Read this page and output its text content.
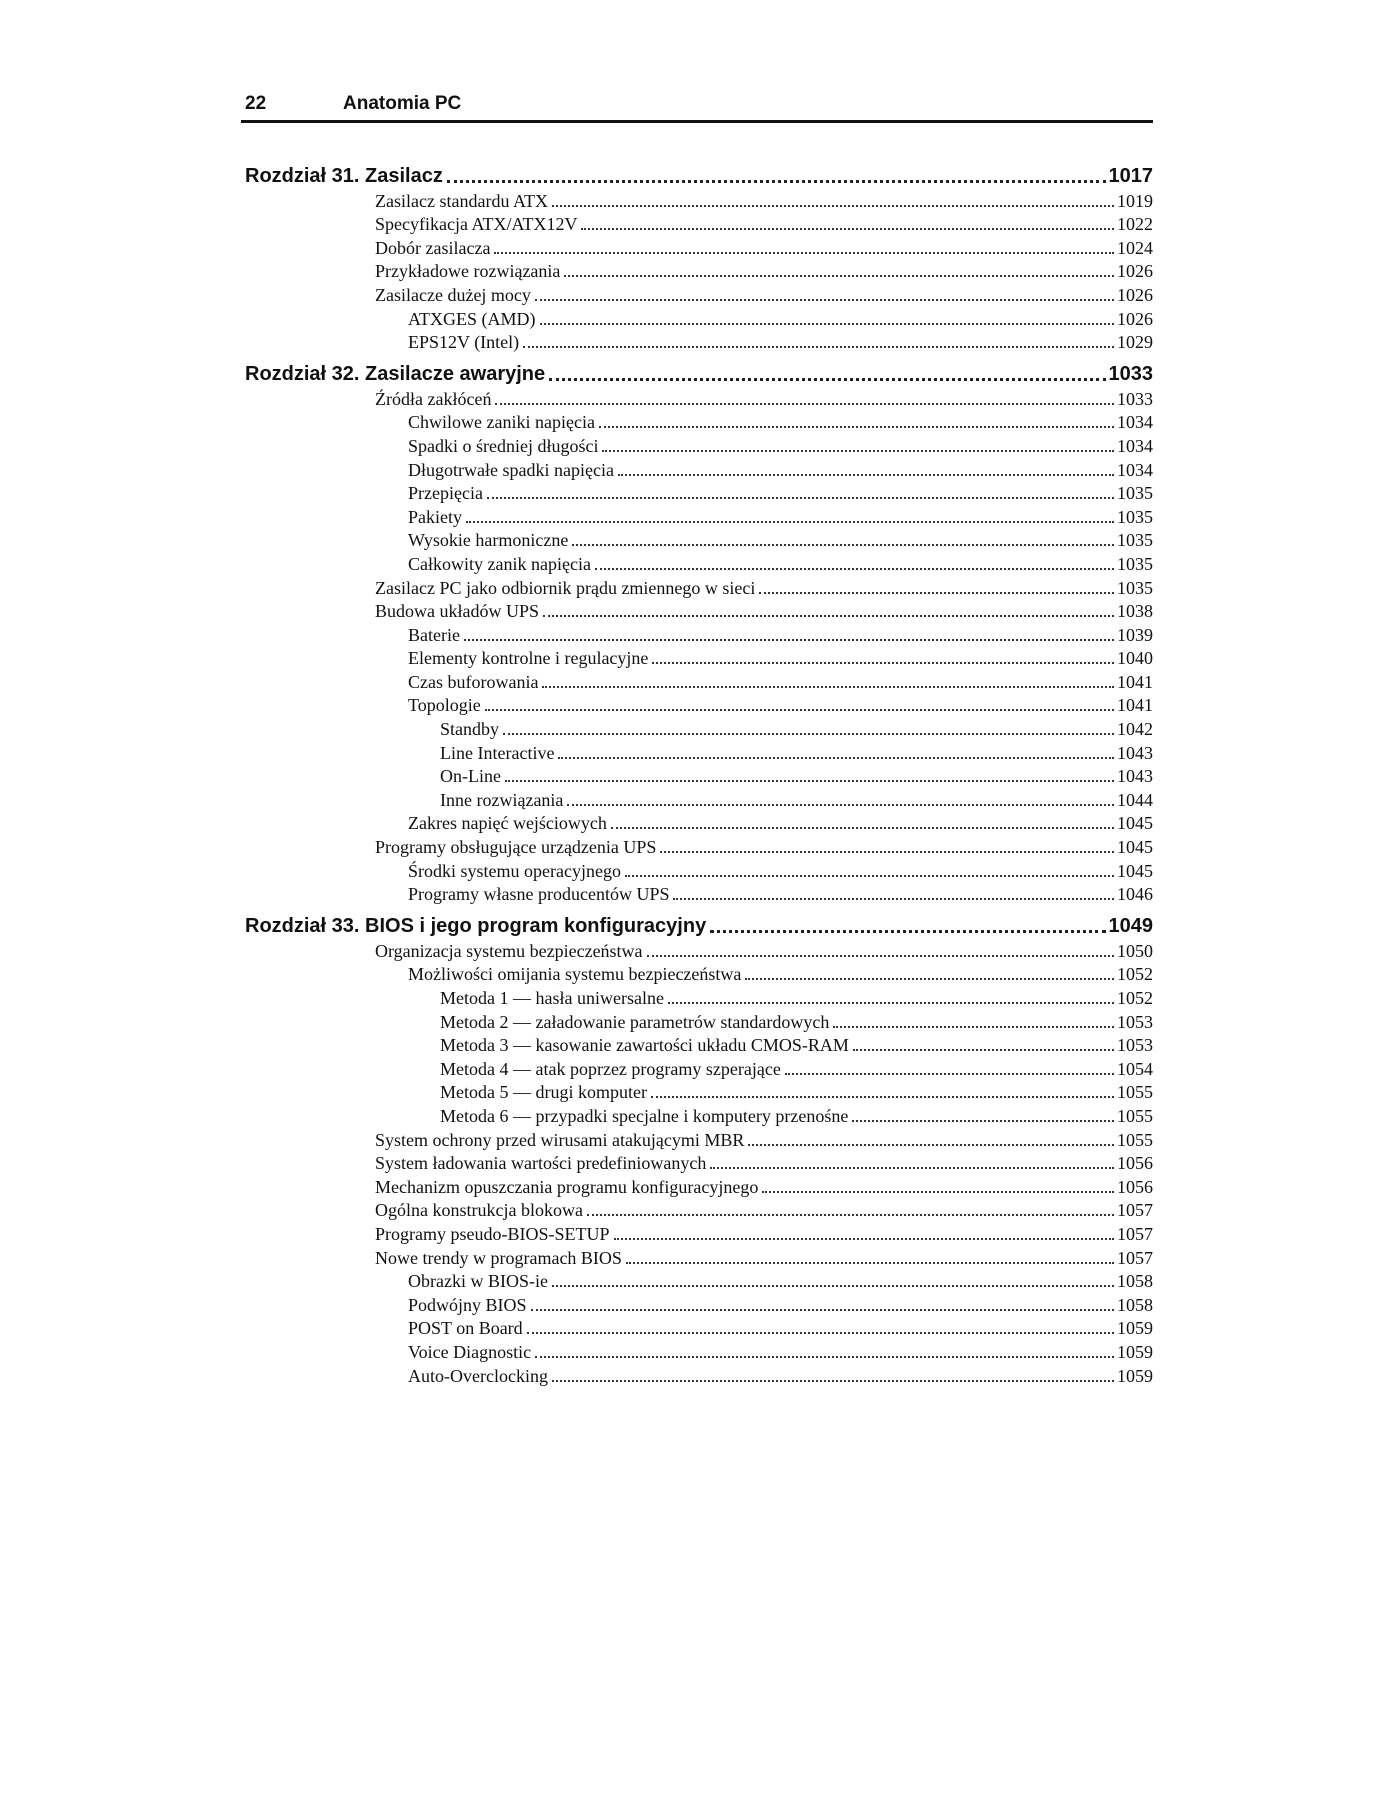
22	Anatomia PC
Rozdział 31. Zasilacz	1017
Zasilacz standardu ATX	1019
Specyfikacja ATX/ATX12V	1022
Dobór zasilacza	1024
Przykładowe rozwiązania	1026
Zasilacze dużej mocy	1026
ATXGES (AMD)	1026
EPS12V (Intel)	1029
Rozdział 32. Zasilacze awaryjne	1033
Źródła zakłóceń	1033
Chwilowe zaniki napięcia	1034
Spadki o średniej długości	1034
Długotrwałe spadki napięcia	1034
Przepięcia	1035
Pakiety	1035
Wysokie harmoniczne	1035
Całkowity zanik napięcia	1035
Zasilacz PC jako odbiornik prądu zmiennego w sieci	1035
Budowa układów UPS	1038
Baterie	1039
Elementy kontrolne i regulacyjne	1040
Czas buforowania	1041
Topologie	1041
Standby	1042
Line Interactive	1043
On-Line	1043
Inne rozwiązania	1044
Zakres napięć wejściowych	1045
Programy obsługujące urządzenia UPS	1045
Środki systemu operacyjnego	1045
Programy własne producentów UPS	1046
Rozdział 33. BIOS i jego program konfiguracyjny	1049
Organizacja systemu bezpieczeństwa	1050
Możliwości omijania systemu bezpieczeństwa	1052
Metoda 1 — hasła uniwersalne	1052
Metoda 2 — załadowanie parametrów standardowych	1053
Metoda 3 — kasowanie zawartości układu CMOS-RAM	1053
Metoda 4 — atak poprzez programy szperające	1054
Metoda 5 — drugi komputer	1055
Metoda 6 — przypadki specjalne i komputery przenośne	1055
System ochrony przed wirusami atakującymi MBR	1055
System ładowania wartości predefiniowanych	1056
Mechanizm opuszczania programu konfiguracyjnego	1056
Ogólna konstrukcja blokowa	1057
Programy pseudo-BIOS-SETUP	1057
Nowe trendy w programach BIOS	1057
Obrazki w BIOS-ie	1058
Podwójny BIOS	1058
POST on Board	1059
Voice Diagnostic	1059
Auto-Overclocking	1059
